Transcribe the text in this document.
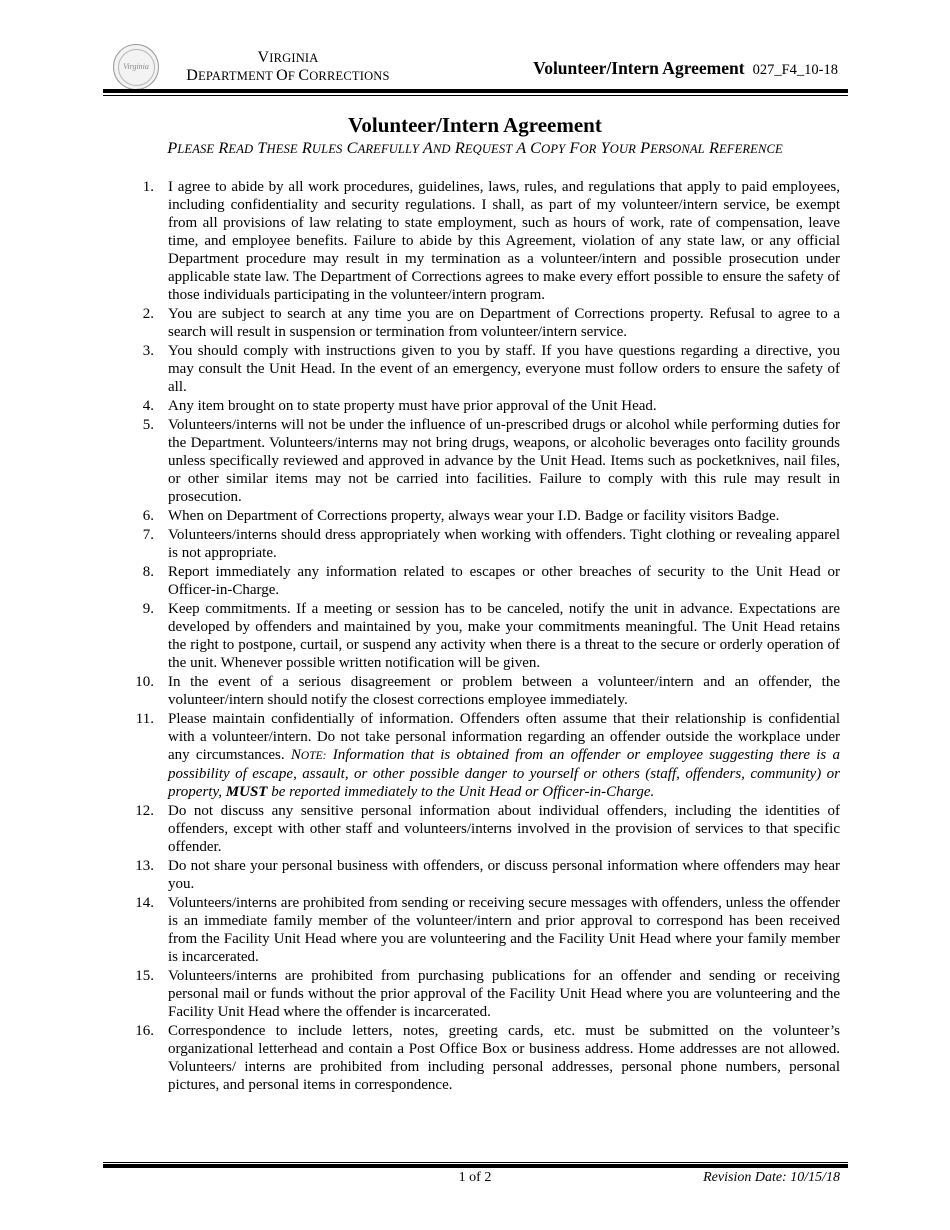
Virginia
VIRGINIA
DEPARTMENT OF CORRECTIONS	Volunteer/Intern Agreement 027_F4_10-18
Volunteer/Intern Agreement
PLEASE READ THESE RULES CAREFULLY AND REQUEST A COPY FOR YOUR PERSONAL REFERENCE
1. I agree to abide by all work procedures, guidelines, laws, rules, and regulations that apply to paid employees, including confidentiality and security regulations. I shall, as part of my volunteer/intern service, be exempt from all provisions of law relating to state employment, such as hours of work, rate of compensation, leave time, and employee benefits. Failure to abide by this Agreement, violation of any state law, or any official Department procedure may result in my termination as a volunteer/intern and possible prosecution under applicable state law. The Department of Corrections agrees to make every effort possible to ensure the safety of those individuals participating in the volunteer/intern program.
2. You are subject to search at any time you are on Department of Corrections property. Refusal to agree to a search will result in suspension or termination from volunteer/intern service.
3. You should comply with instructions given to you by staff. If you have questions regarding a directive, you may consult the Unit Head. In the event of an emergency, everyone must follow orders to ensure the safety of all.
4. Any item brought on to state property must have prior approval of the Unit Head.
5. Volunteers/interns will not be under the influence of un-prescribed drugs or alcohol while performing duties for the Department. Volunteers/interns may not bring drugs, weapons, or alcoholic beverages onto facility grounds unless specifically reviewed and approved in advance by the Unit Head. Items such as pocketknives, nail files, or other similar items may not be carried into facilities. Failure to comply with this rule may result in prosecution.
6. When on Department of Corrections property, always wear your I.D. Badge or facility visitors Badge.
7. Volunteers/interns should dress appropriately when working with offenders. Tight clothing or revealing apparel is not appropriate.
8. Report immediately any information related to escapes or other breaches of security to the Unit Head or Officer-in-Charge.
9. Keep commitments. If a meeting or session has to be canceled, notify the unit in advance. Expectations are developed by offenders and maintained by you, make your commitments meaningful. The Unit Head retains the right to postpone, curtail, or suspend any activity when there is a threat to the secure or orderly operation of the unit. Whenever possible written notification will be given.
10. In the event of a serious disagreement or problem between a volunteer/intern and an offender, the volunteer/intern should notify the closest corrections employee immediately.
11. Please maintain confidentially of information. Offenders often assume that their relationship is confidential with a volunteer/intern. Do not take personal information regarding an offender outside the workplace under any circumstances. NOTE: Information that is obtained from an offender or employee suggesting there is a possibility of escape, assault, or other possible danger to yourself or others (staff, offenders, community) or property, MUST be reported immediately to the Unit Head or Officer-in-Charge.
12. Do not discuss any sensitive personal information about individual offenders, including the identities of offenders, except with other staff and volunteers/interns involved in the provision of services to that specific offender.
13. Do not share your personal business with offenders, or discuss personal information where offenders may hear you.
14. Volunteers/interns are prohibited from sending or receiving secure messages with offenders, unless the offender is an immediate family member of the volunteer/intern and prior approval to correspond has been received from the Facility Unit Head where you are volunteering and the Facility Unit Head where your family member is incarcerated.
15. Volunteers/interns are prohibited from purchasing publications for an offender and sending or receiving personal mail or funds without the prior approval of the Facility Unit Head where you are volunteering and the Facility Unit Head where the offender is incarcerated.
16. Correspondence to include letters, notes, greeting cards, etc. must be submitted on the volunteer’s organizational letterhead and contain a Post Office Box or business address. Home addresses are not allowed. Volunteers/ interns are prohibited from including personal addresses, personal phone numbers, personal pictures, and personal items in correspondence.
1 of 2	Revision Date: 10/15/18
